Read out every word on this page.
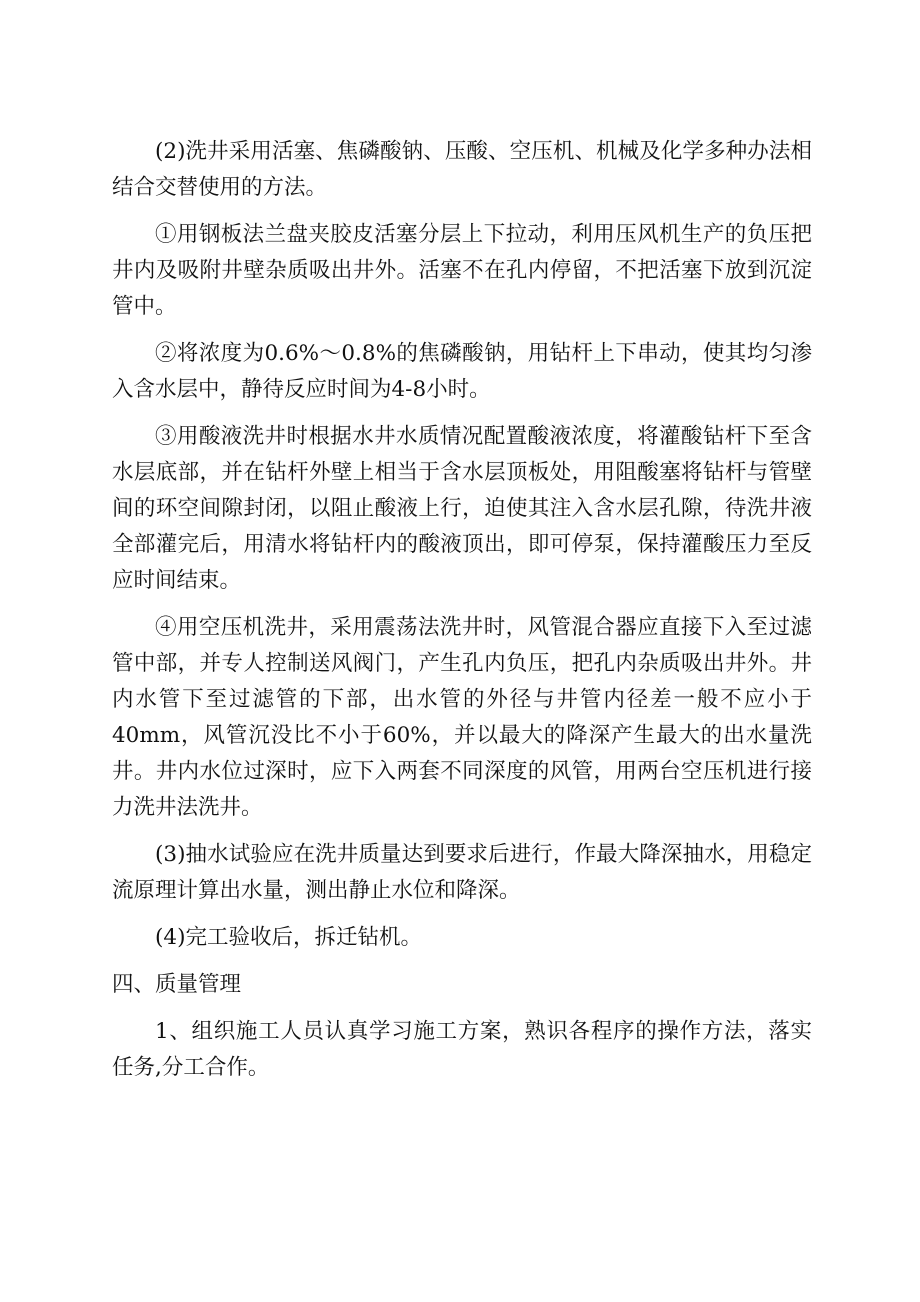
(2)洗井采用活塞、焦磷酸钠、压酸、空压机、机械及化学多种办法相结合交替使用的方法。

①用钢板法兰盘夹胶皮活塞分层上下拉动，利用压风机生产的负压把井内及吸附井壁杂质吸出井外。活塞不在孔内停留，不把活塞下放到沉淀管中。

②将浓度为0.6%～0.8%的焦磷酸钠，用钻杆上下串动，使其均匀渗入含水层中，静待反应时间为4-8小时。

③用酸液洗井时根据水井水质情况配置酸液浓度，将灌酸钻杆下至含水层底部，并在钻杆外壁上相当于含水层顶板处，用阻酸塞将钻杆与管壁间的环空间隙封闭，以阻止酸液上行，迫使其注入含水层孔隙，待洗井液全部灌完后，用清水将钻杆内的酸液顶出，即可停泵，保持灌酸压力至反应时间结束。

④用空压机洗井，采用震荡法洗井时，风管混合器应直接下入至过滤管中部，并专人控制送风阀门，产生孔内负压，把孔内杂质吸出井外。井内水管下至过滤管的下部，出水管的外径与井管内径差一般不应小于40mm，风管沉没比不小于60%，并以最大的降深产生最大的出水量洗井。井内水位过深时，应下入两套不同深度的风管，用两台空压机进行接力洗井法洗井。

(3)抽水试验应在洗井质量达到要求后进行，作最大降深抽水，用稳定流原理计算出水量，测出静止水位和降深。

(4)完工验收后，拆迁钻机。

四、质量管理

1、组织施工人员认真学习施工方案，熟识各程序的操作方法，落实任务,分工合作。
